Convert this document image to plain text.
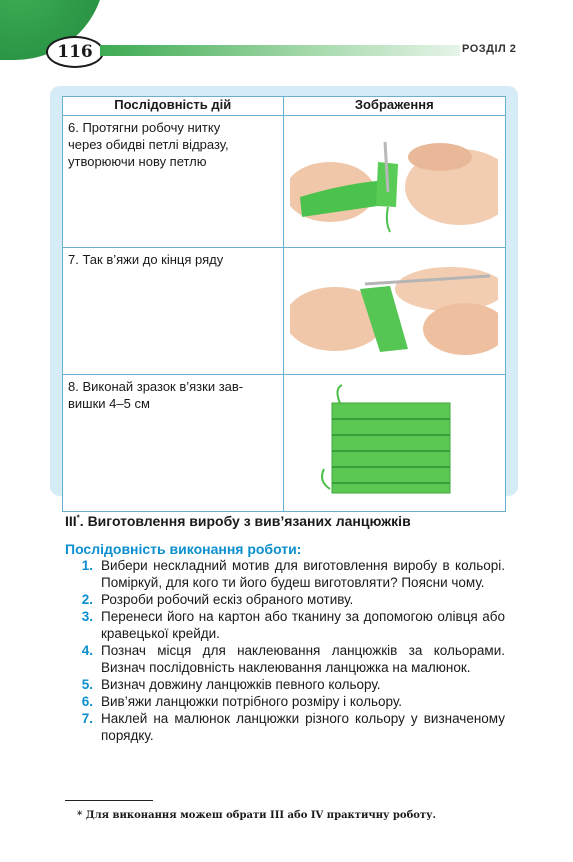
116	РОЗДІЛ 2
Послідовність дій	Зображення

6. Протягни робочу нитку
через обидві петлі відразу,
утворюючи нову петлю

7. Так в’яжи до кінця ряду

8. Виконай зразок в’язки зав-
вишки 4–5 см

III*. Виготовлення виробу з вив’язаних ланцюжків
Послідовність виконання роботи:
1. Вибери нескладний мотив для виготовлення виробу в кольорі. Поміркуй, для кого ти його будеш виготовляти? Поясни чому.
2. Розроби робочий ескіз обраного мотиву.
3. Перенеси його на картон або тканину за допомогою олівця або кравецької крейди.
4. Познач місця для наклеювання ланцюжків за кольорами. Визнач послідовність наклеювання ланцюжка на малюнок.
5. Визнач довжину ланцюжків певного кольору.
6. Вив’яжи ланцюжки потрібного розміру і кольору.
7. Наклей на малюнок ланцюжки різного кольору у визначеному порядку.
* Для виконання можеш обрати ІІІ або IV практичну роботу.
